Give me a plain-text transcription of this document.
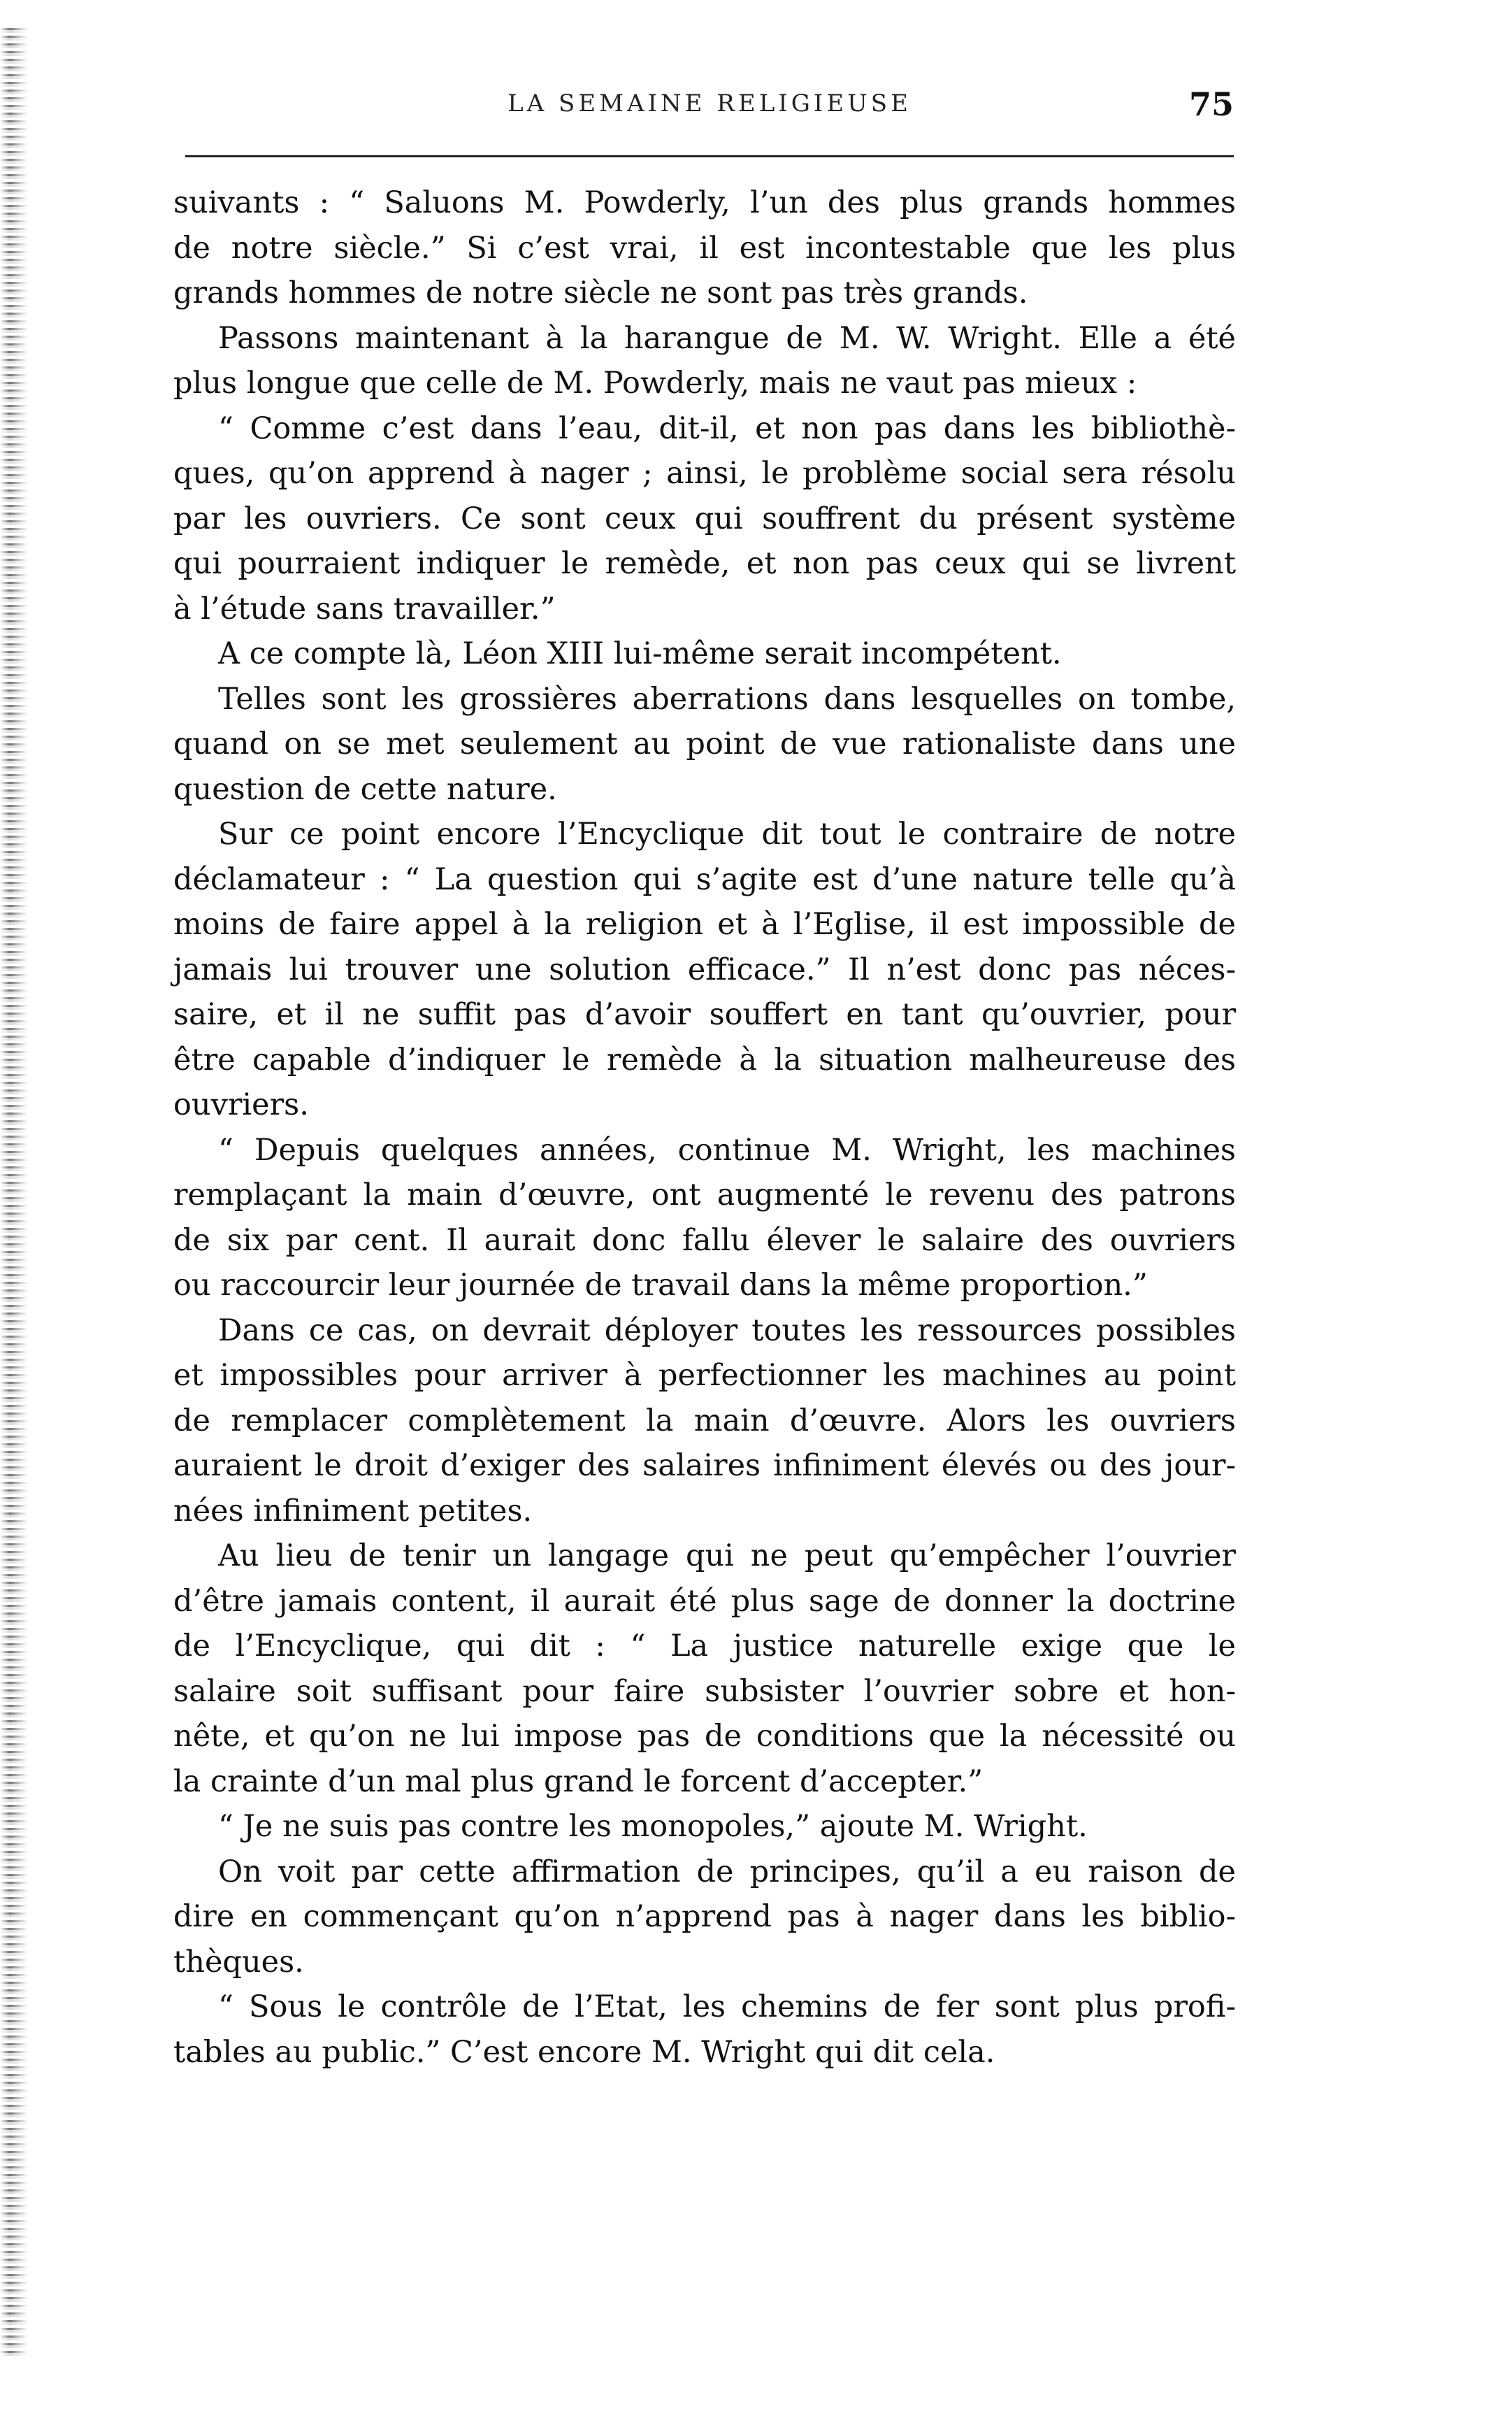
LA SEMAINE RELIGIEUSE	75
suivants : “ Saluons M. Powderly, l’un des plus grands hommes
de notre siècle.” Si c’est vrai, il est incontestable que les plus
grands hommes de notre siècle ne sont pas très grands.
Passons maintenant à la harangue de M. W. Wright. Elle a été
plus longue que celle de M. Powderly, mais ne vaut pas mieux :
“ Comme c’est dans l’eau, dit-il, et non pas dans les bibliothè-
ques, qu’on apprend à nager ; ainsi, le problème social sera résolu
par les ouvriers. Ce sont ceux qui souffrent du présent système
qui pourraient indiquer le remède, et non pas ceux qui se livrent
à l’étude sans travailler.”
A ce compte là, Léon XIII lui-même serait incompétent.
Telles sont les grossières aberrations dans lesquelles on tombe,
quand on se met seulement au point de vue rationaliste dans une
question de cette nature.
Sur ce point encore l’Encyclique dit tout le contraire de notre
déclamateur : “ La question qui s’agite est d’une nature telle qu’à
moins de faire appel à la religion et à l’Eglise, il est impossible de
jamais lui trouver une solution efficace.” Il n’est donc pas néces-
saire, et il ne suffit pas d’avoir souffert en tant qu’ouvrier, pour
être capable d’indiquer le remède à la situation malheureuse des
ouvriers.
“ Depuis quelques années, continue M. Wright, les machines
remplaçant la main d’œuvre, ont augmenté le revenu des patrons
de six par cent. Il aurait donc fallu élever le salaire des ouvriers
ou raccourcir leur journée de travail dans la même proportion.”
Dans ce cas, on devrait déployer toutes les ressources possibles
et impossibles pour arriver à perfectionner les machines au point
de remplacer complètement la main d’œuvre. Alors les ouvriers
auraient le droit d’exiger des salaires infiniment élevés ou des jour-
nées infiniment petites.
Au lieu de tenir un langage qui ne peut qu’empêcher l’ouvrier
d’être jamais content, il aurait été plus sage de donner la doctrine
de l’Encyclique, qui dit : “ La justice naturelle exige que le
salaire soit suffisant pour faire subsister l’ouvrier sobre et hon-
nête, et qu’on ne lui impose pas de conditions que la nécessité ou
la crainte d’un mal plus grand le forcent d’accepter.”
“ Je ne suis pas contre les monopoles,” ajoute M. Wright.
On voit par cette affirmation de principes, qu’il a eu raison de
dire en commençant qu’on n’apprend pas à nager dans les biblio-
thèques.
“ Sous le contrôle de l’Etat, les chemins de fer sont plus profi-
tables au public.” C’est encore M. Wright qui dit cela.
